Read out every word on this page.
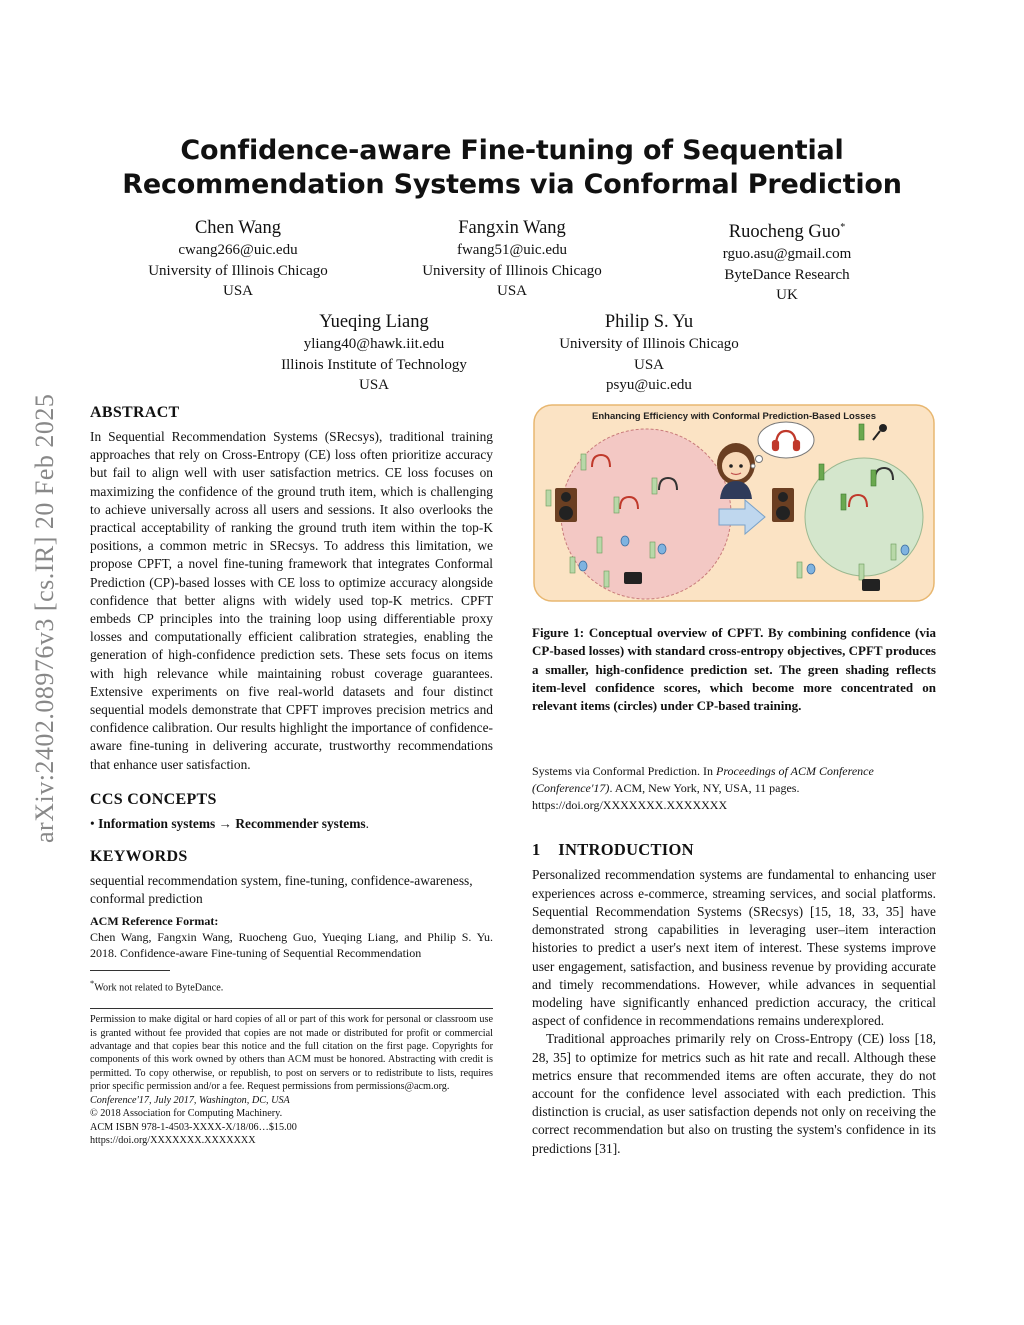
arXiv:2402.08976v3 [cs.IR] 20 Feb 2025
Confidence-aware Fine-tuning of Sequential Recommendation Systems via Conformal Prediction
Chen Wang
cwang266@uic.edu
University of Illinois Chicago
USA
Fangxin Wang
fwang51@uic.edu
University of Illinois Chicago
USA
Ruocheng Guo*
rguo.asu@gmail.com
ByteDance Research
UK
Yueqing Liang
yliang40@hawk.iit.edu
Illinois Institute of Technology
USA
Philip S. Yu
University of Illinois Chicago
USA
psyu@uic.edu
ABSTRACT
In Sequential Recommendation Systems (SRecsys), traditional training approaches that rely on Cross-Entropy (CE) loss often prioritize accuracy but fail to align well with user satisfaction metrics. CE loss focuses on maximizing the confidence of the ground truth item, which is challenging to achieve universally across all users and sessions. It also overlooks the practical acceptability of ranking the ground truth item within the top-K positions, a common metric in SRecsys. To address this limitation, we propose CPFT, a novel fine-tuning framework that integrates Conformal Prediction (CP)-based losses with CE loss to optimize accuracy alongside confidence that better aligns with widely used top-K metrics. CPFT embeds CP principles into the training loop using differentiable proxy losses and computationally efficient calibration strategies, enabling the generation of high-confidence prediction sets. These sets focus on items with high relevance while maintaining robust coverage guarantees. Extensive experiments on five real-world datasets and four distinct sequential models demonstrate that CPFT improves precision metrics and confidence calibration. Our results highlight the importance of confidence-aware fine-tuning in delivering accurate, trustworthy recommendations that enhance user satisfaction.
CCS CONCEPTS
• Information systems → Recommender systems.
KEYWORDS
sequential recommendation system, fine-tuning, confidence-awareness, conformal prediction
ACM Reference Format:
Chen Wang, Fangxin Wang, Ruocheng Guo, Yueqing Liang, and Philip S. Yu. 2018. Confidence-aware Fine-tuning of Sequential Recommendation
*Work not related to ByteDance.
Permission to make digital or hard copies of all or part of this work for personal or classroom use is granted without fee provided that copies are not made or distributed for profit or commercial advantage and that copies bear this notice and the full citation on the first page. Copyrights for components of this work owned by others than ACM must be honored. Abstracting with credit is permitted. To copy otherwise, or republish, to post on servers or to redistribute to lists, requires prior specific permission and/or a fee. Request permissions from permissions@acm.org.
Conference'17, July 2017, Washington, DC, USA
© 2018 Association for Computing Machinery.
ACM ISBN 978-1-4503-XXXX-X/18/06…$15.00
https://doi.org/XXXXXXX.XXXXXXX
Enhancing Efficiency with Conformal Prediction-Based Losses
Figure 1: Conceptual overview of CPFT. By combining confidence (via CP-based losses) with standard cross-entropy objectives, CPFT produces a smaller, high-confidence prediction set. The green shading reflects item-level confidence scores, which become more concentrated on relevant items (circles) under CP-based training.
Systems via Conformal Prediction. In Proceedings of ACM Conference (Conference'17). ACM, New York, NY, USA, 11 pages. https://doi.org/XXXXXXX.XXXXXXX
1 INTRODUCTION
Personalized recommendation systems are fundamental to enhancing user experiences across e-commerce, streaming services, and social platforms. Sequential Recommendation Systems (SRecsys) [15, 18, 33, 35] have demonstrated strong capabilities in leveraging user–item interaction histories to predict a user's next item of interest. These systems improve user engagement, satisfaction, and business revenue by providing accurate and timely recommendations. However, while advances in sequential modeling have significantly enhanced prediction accuracy, the critical aspect of confidence in recommendations remains underexplored.
Traditional approaches primarily rely on Cross-Entropy (CE) loss [18, 28, 35] to optimize for metrics such as hit rate and recall. Although these metrics ensure that recommended items are often accurate, they do not account for the confidence level associated with each prediction. This distinction is crucial, as user satisfaction depends not only on receiving the correct recommendation but also on trusting the system's confidence in its predictions [31].
